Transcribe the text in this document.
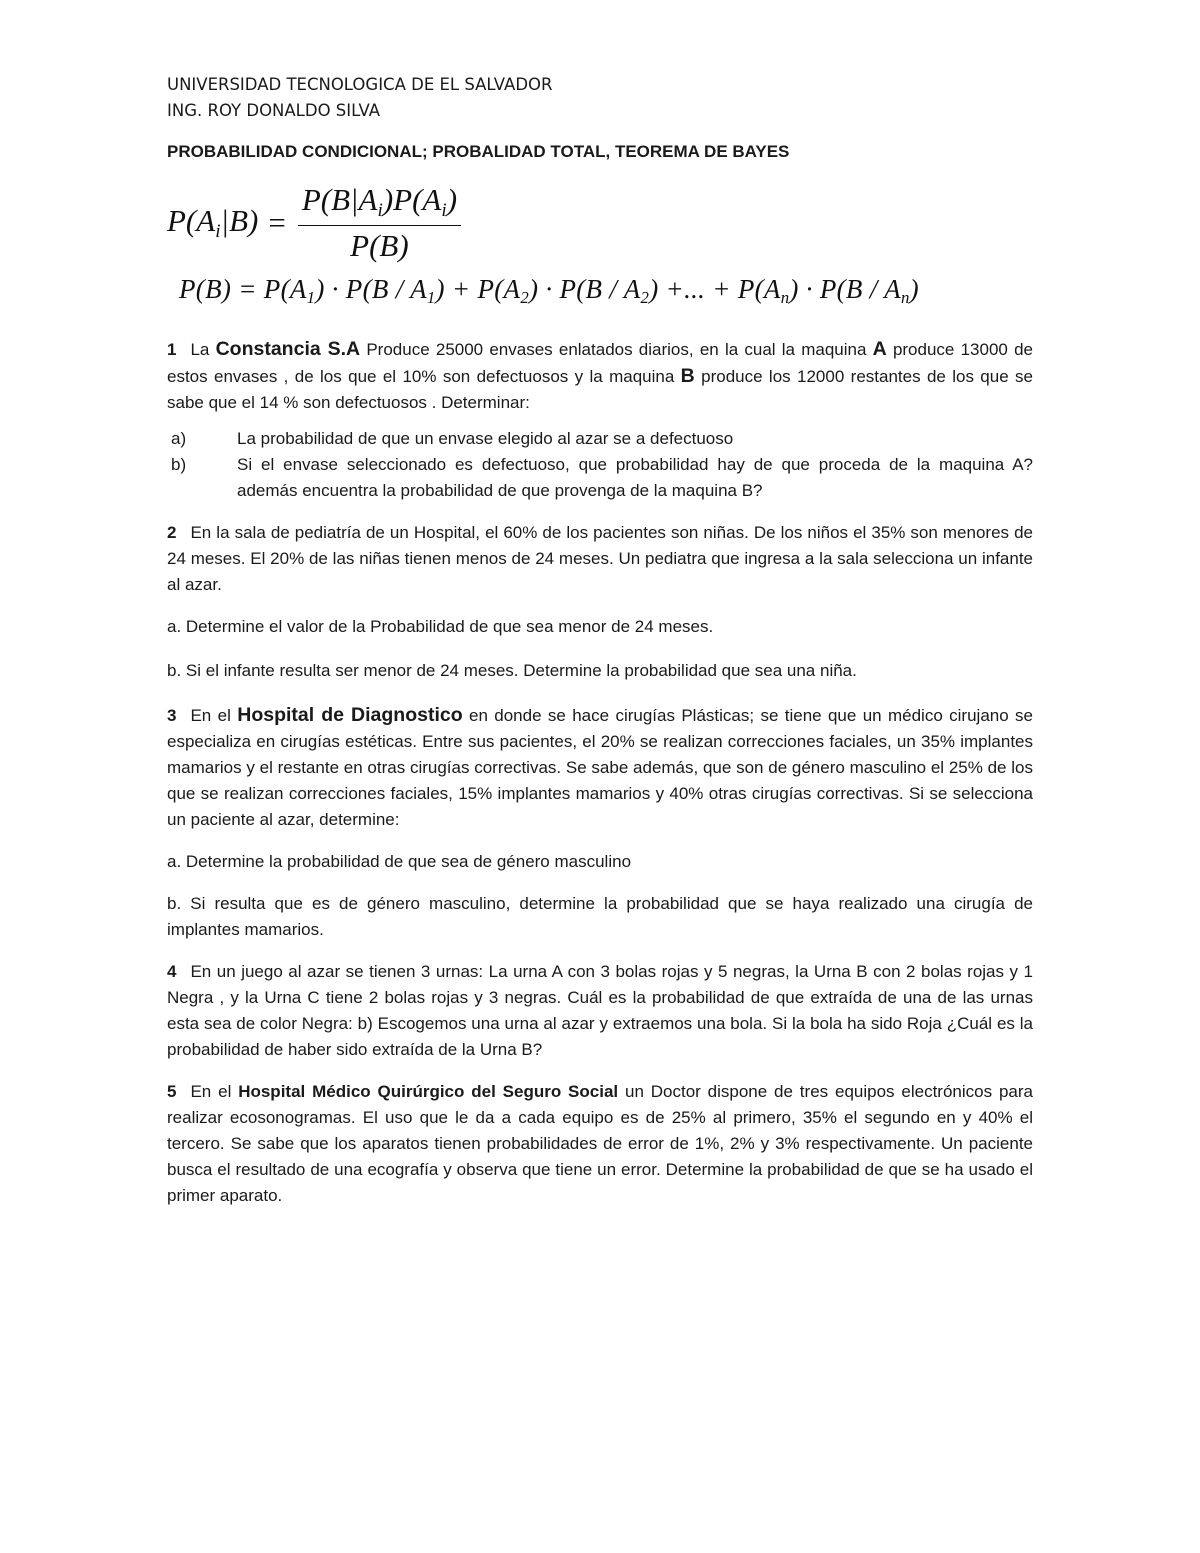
UNIVERSIDAD TECNOLOGICA DE EL SALVADOR
ING. ROY DONALDO SILVA
PROBABILIDAD CONDICIONAL; PROBALIDAD TOTAL, TEOREMA DE BAYES
$P(A_i|B) = \frac{P(B|A_i)P(A_i)}{P(B)}$
$P(B) = P(A_1) \cdot P(B / A_1) + P(A_2) \cdot P(B / A_2)$ +... + $P(A_n) \cdot P(B / A_n)$

1 La Constancia S.A Produce 25000 envases enlatados diarios, en la cual la maquina A produce 13000 de estos envases , de los que el 10% son defectuosos y la maquina B produce los 12000 restantes de los que se sabe que el 14 % son defectuosos . Determinar:

a)	La probabilidad de que un envase elegido al azar se a defectuoso
b)	Si el envase seleccionado es defectuoso, que probabilidad hay de que proceda de la maquina A? además encuentra la probabilidad de que provenga de la maquina B?

2 En la sala de pediatría de un Hospital, el 60% de los pacientes son niñas. De los niños el 35% son menores de 24 meses. El 20% de las niñas tienen menos de 24 meses. Un pediatra que ingresa a la sala selecciona un infante al azar.

a. Determine el valor de la Probabilidad de que sea menor de 24 meses.

b. Si el infante resulta ser menor de 24 meses. Determine la probabilidad que sea una niña.

3 En el Hospital de Diagnostico en donde se hace cirugías Plásticas; se tiene que un médico cirujano se especializa en cirugías estéticas. Entre sus pacientes, el 20% se realizan correcciones faciales, un 35% implantes mamarios y el restante en otras cirugías correctivas. Se sabe además, que son de género masculino el 25% de los que se realizan correcciones faciales, 15% implantes mamarios y 40% otras cirugías correctivas. Si se selecciona un paciente al azar, determine:

a. Determine la probabilidad de que sea de género masculino

b. Si resulta que es de género masculino, determine la probabilidad que se haya realizado una cirugía de implantes mamarios.

4 En un juego al azar se tienen 3 urnas: La urna A con 3 bolas rojas y 5 negras, la Urna B con 2 bolas rojas y 1 Negra , y la Urna C tiene 2 bolas rojas y 3 negras. Cuál es la probabilidad de que extraída de una de las urnas esta sea de color Negra: b) Escogemos una urna al azar y extraemos una bola. Si la bola ha sido Roja ¿Cuál es la probabilidad de haber sido extraída de la Urna B?

5 En el Hospital Médico Quirúrgico del Seguro Social un Doctor dispone de tres equipos electrónicos para realizar ecosonogramas. El uso que le da a cada equipo es de 25% al primero, 35% el segundo en y 40% el tercero. Se sabe que los aparatos tienen probabilidades de error de 1%, 2% y 3% respectivamente. Un paciente busca el resultado de una ecografía y observa que tiene un error. Determine la probabilidad de que se ha usado el primer aparato.
